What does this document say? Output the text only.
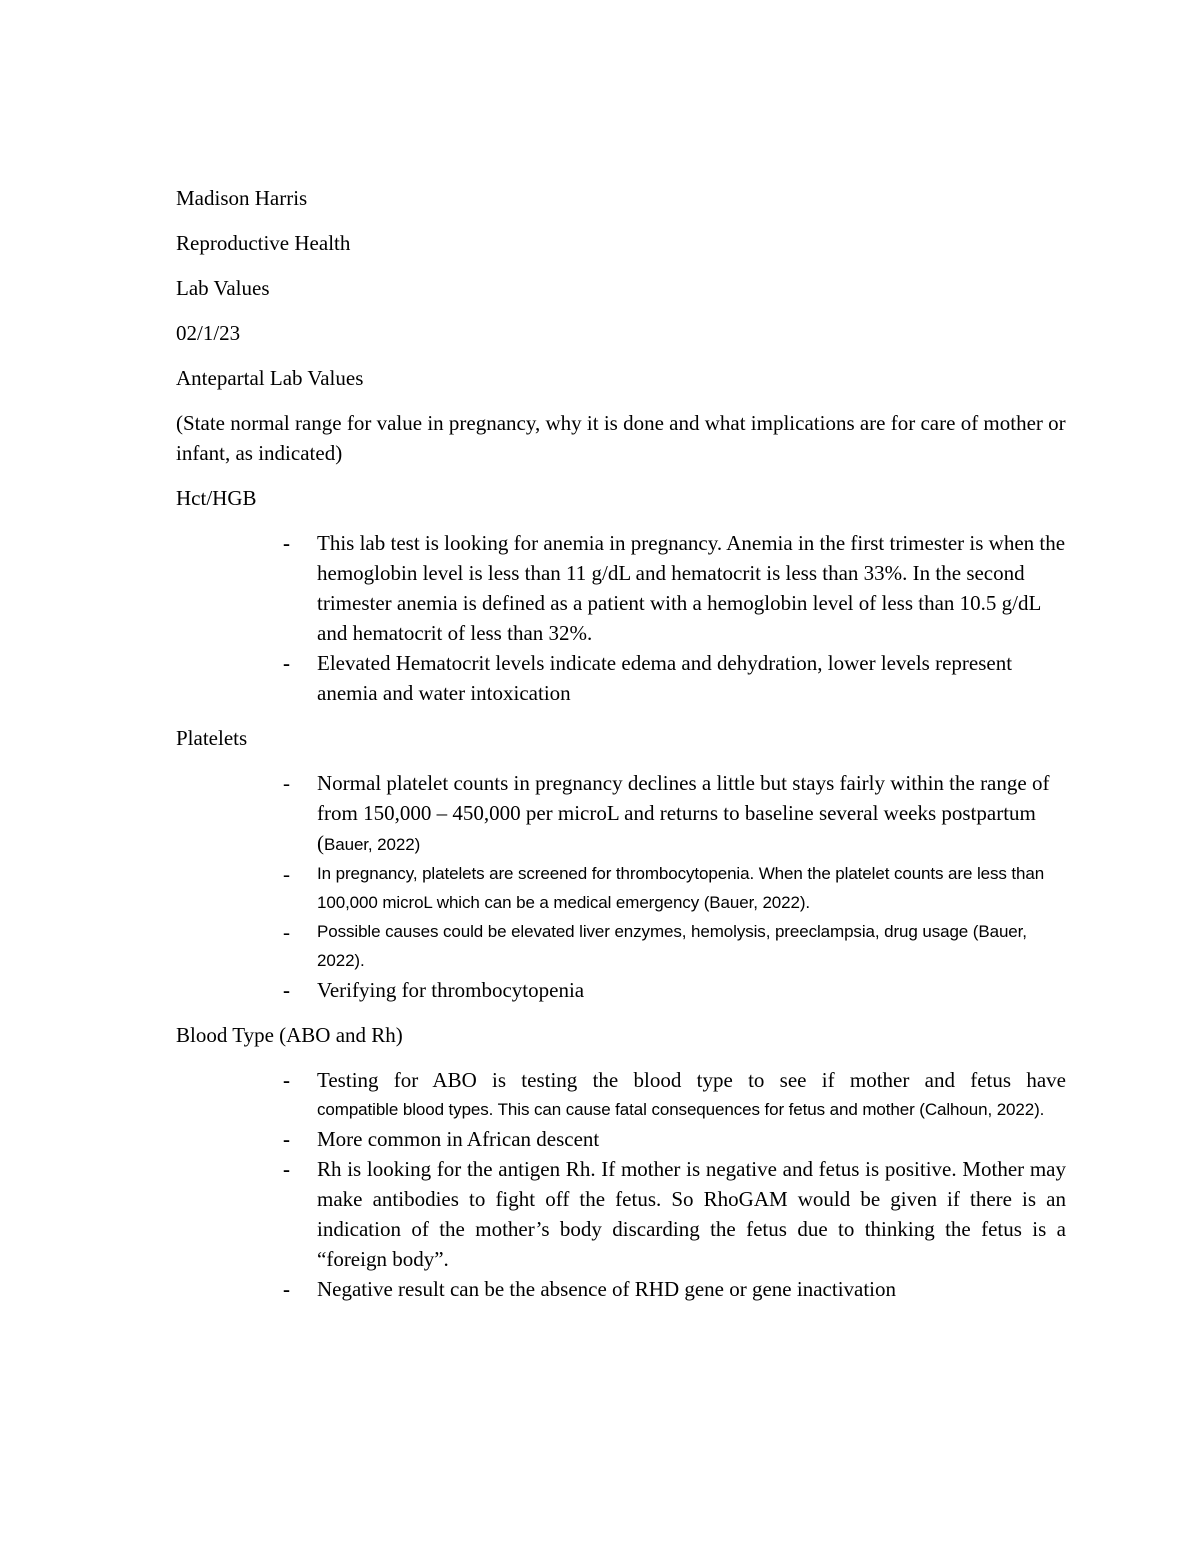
Madison Harris
Reproductive Health
Lab Values
02/1/23
Antepartal Lab Values
(State normal range for value in pregnancy, why it is done and what implications are for care of mother or infant, as indicated)
Hct/HGB
- This lab test is looking for anemia in pregnancy. Anemia in the first trimester is when the hemoglobin level is less than 11 g/dL and hematocrit is less than 33%. In the second trimester anemia is defined as a patient with a hemoglobin level of less than 10.5 g/dL and hematocrit of less than 32%.
- Elevated Hematocrit levels indicate edema and dehydration, lower levels represent anemia and water intoxication
Platelets
- Normal platelet counts in pregnancy declines a little but stays fairly within the range of from 150,000 – 450,000 per microL and returns to baseline several weeks postpartum (Bauer, 2022)
- In pregnancy, platelets are screened for thrombocytopenia. When the platelet counts are less than 100,000 microL which can be a medical emergency (Bauer, 2022).
- Possible causes could be elevated liver enzymes, hemolysis, preeclampsia, drug usage (Bauer, 2022).
- Verifying for thrombocytopenia
Blood Type (ABO and Rh)
- Testing for ABO is testing the blood type to see if mother and fetus have
compatible blood types. This can cause fatal consequences for fetus and mother (Calhoun, 2022).
- More common in African descent
- Rh is looking for the antigen Rh. If mother is negative and fetus is positive. Mother may make antibodies to fight off the fetus. So RhoGAM would be given if there is an indication of the mother’s body discarding the fetus due to thinking the fetus is a “foreign body”.
- Negative result can be the absence of RHD gene or gene inactivation
